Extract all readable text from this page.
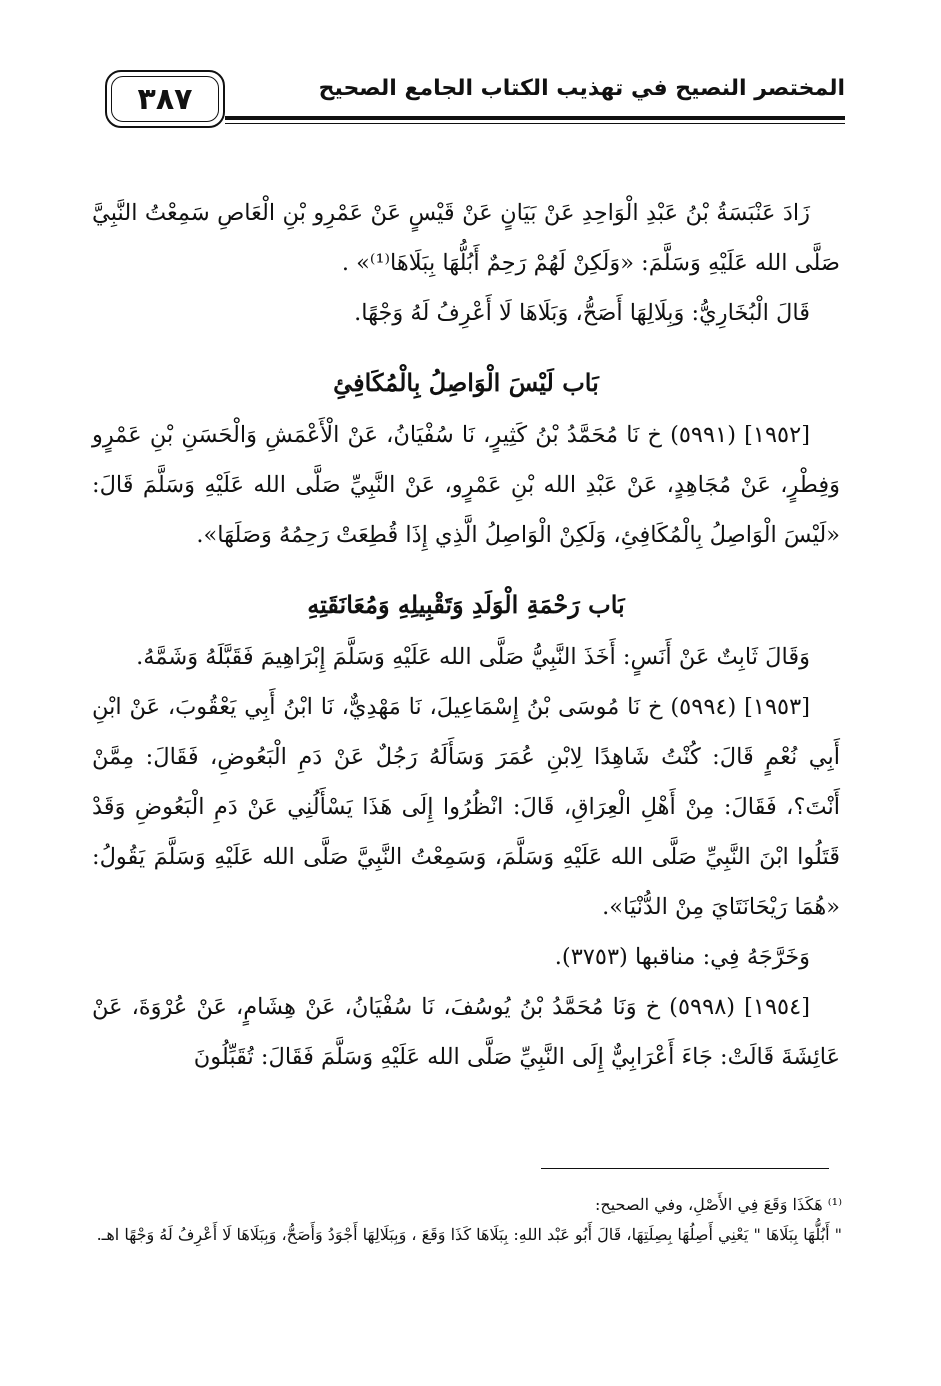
المختصر النصيح في تهذيب الكتاب الجامع الصحيح
٣٨٧

زَادَ عَنْبَسَةُ بْنُ عَبْدِ الْوَاحِدِ عَنْ بَيَانٍ عَنْ قَيْسٍ عَنْ عَمْرِو بْنِ الْعَاصِ سَمِعْتُ النَّبِيَّ صَلَّى الله عَلَيْهِ وَسَلَّمَ: «وَلَكِنْ لَهُمْ رَحِمٌ أَبُلُّهَا بِبَلَاهَا⁽¹⁾» .

قَالَ الْبُخَارِيُّ: وَبِلَالِهَا أَصَحُّ، وَبَلَاهَا لَا أَعْرِفُ لَهُ وَجْهًا.

بَاب لَيْسَ الْوَاصِلُ بِالْمُكَافِئِ

[١٩٥٢] (٥٩٩١) خ نَا مُحَمَّدُ بْنُ كَثِيرٍ، نَا سُفْيَانُ، عَنْ الْأَعْمَشِ وَالْحَسَنِ بْنِ عَمْرٍو وَفِطْرٍ، عَنْ مُجَاهِدٍ، عَنْ عَبْدِ الله بْنِ عَمْرٍو، عَنْ النَّبِيِّ صَلَّى الله عَلَيْهِ وَسَلَّمَ قَالَ: «لَيْسَ الْوَاصِلُ بِالْمُكَافِئِ، وَلَكِنْ الْوَاصِلُ الَّذِي إِذَا قُطِعَتْ رَحِمُهُ وَصَلَهَا».

بَاب رَحْمَةِ الْوَلَدِ وَتَقْبِيلِهِ وَمُعَانَقَتِهِ

وَقَالَ ثَابِتٌ عَنْ أَنَسٍ: أَخَذَ النَّبِيُّ صَلَّى الله عَلَيْهِ وَسَلَّمَ إِبْرَاهِيمَ فَقَبَّلَهُ وَشَمَّهُ.

[١٩٥٣] (٥٩٩٤) خ نَا مُوسَى بْنُ إِسْمَاعِيلَ، نَا مَهْدِيٌّ، نَا ابْنُ أَبِي يَعْقُوبَ، عَنْ ابْنِ أَبِي نُعْمٍ قَالَ: كُنْتُ شَاهِدًا لِابْنِ عُمَرَ وَسَأَلَهُ رَجُلٌ عَنْ دَمِ الْبَعُوضِ، فَقَالَ: مِمَّنْ أَنْتَ؟، فَقَالَ: مِنْ أَهْلِ الْعِرَاقِ، قَالَ: انْظُرُوا إِلَى هَذَا يَسْأَلُنِي عَنْ دَمِ الْبَعُوضِ وَقَدْ قَتَلُوا ابْنَ النَّبِيِّ صَلَّى الله عَلَيْهِ وَسَلَّمَ، وَسَمِعْتُ النَّبِيَّ صَلَّى الله عَلَيْهِ وَسَلَّمَ يَقُولُ: «هُمَا رَيْحَانَتَايَ مِنْ الدُّنْيَا».

وَخَرَّجَهُ فِي: مناقبها (٣٧٥٣).

[١٩٥٤] (٥٩٩٨) خ وَنَا مُحَمَّدُ بْنُ يُوسُفَ، نَا سُفْيَانُ، عَنْ هِشَامٍ، عَنْ عُرْوَةَ، عَنْ عَائِشَةَ قَالَتْ: جَاءَ أَعْرَابِيٌّ إِلَى النَّبِيِّ صَلَّى الله عَلَيْهِ وَسَلَّمَ فَقَالَ: تُقَبِّلُونَ

⁽¹⁾ هَكَذَا وَقَعَ فِي الأَصْلِ، وفي الصحيح:

" أَبُلُّهَا بِبَلَاهَا " يَعْنِي أَصِلُهَا بِصِلَتِهَا، قَالَ أَبُو عَبْد اللهِ: بِبَلَاهَا كَذَا وَقَعَ ، وَبِبَلَالِهَا أَجْوَدُ وَأَصَحُّ، وَبِبَلَاهَا لَا أَعْرِفُ لَهُ وَجْهًا اهـ.
